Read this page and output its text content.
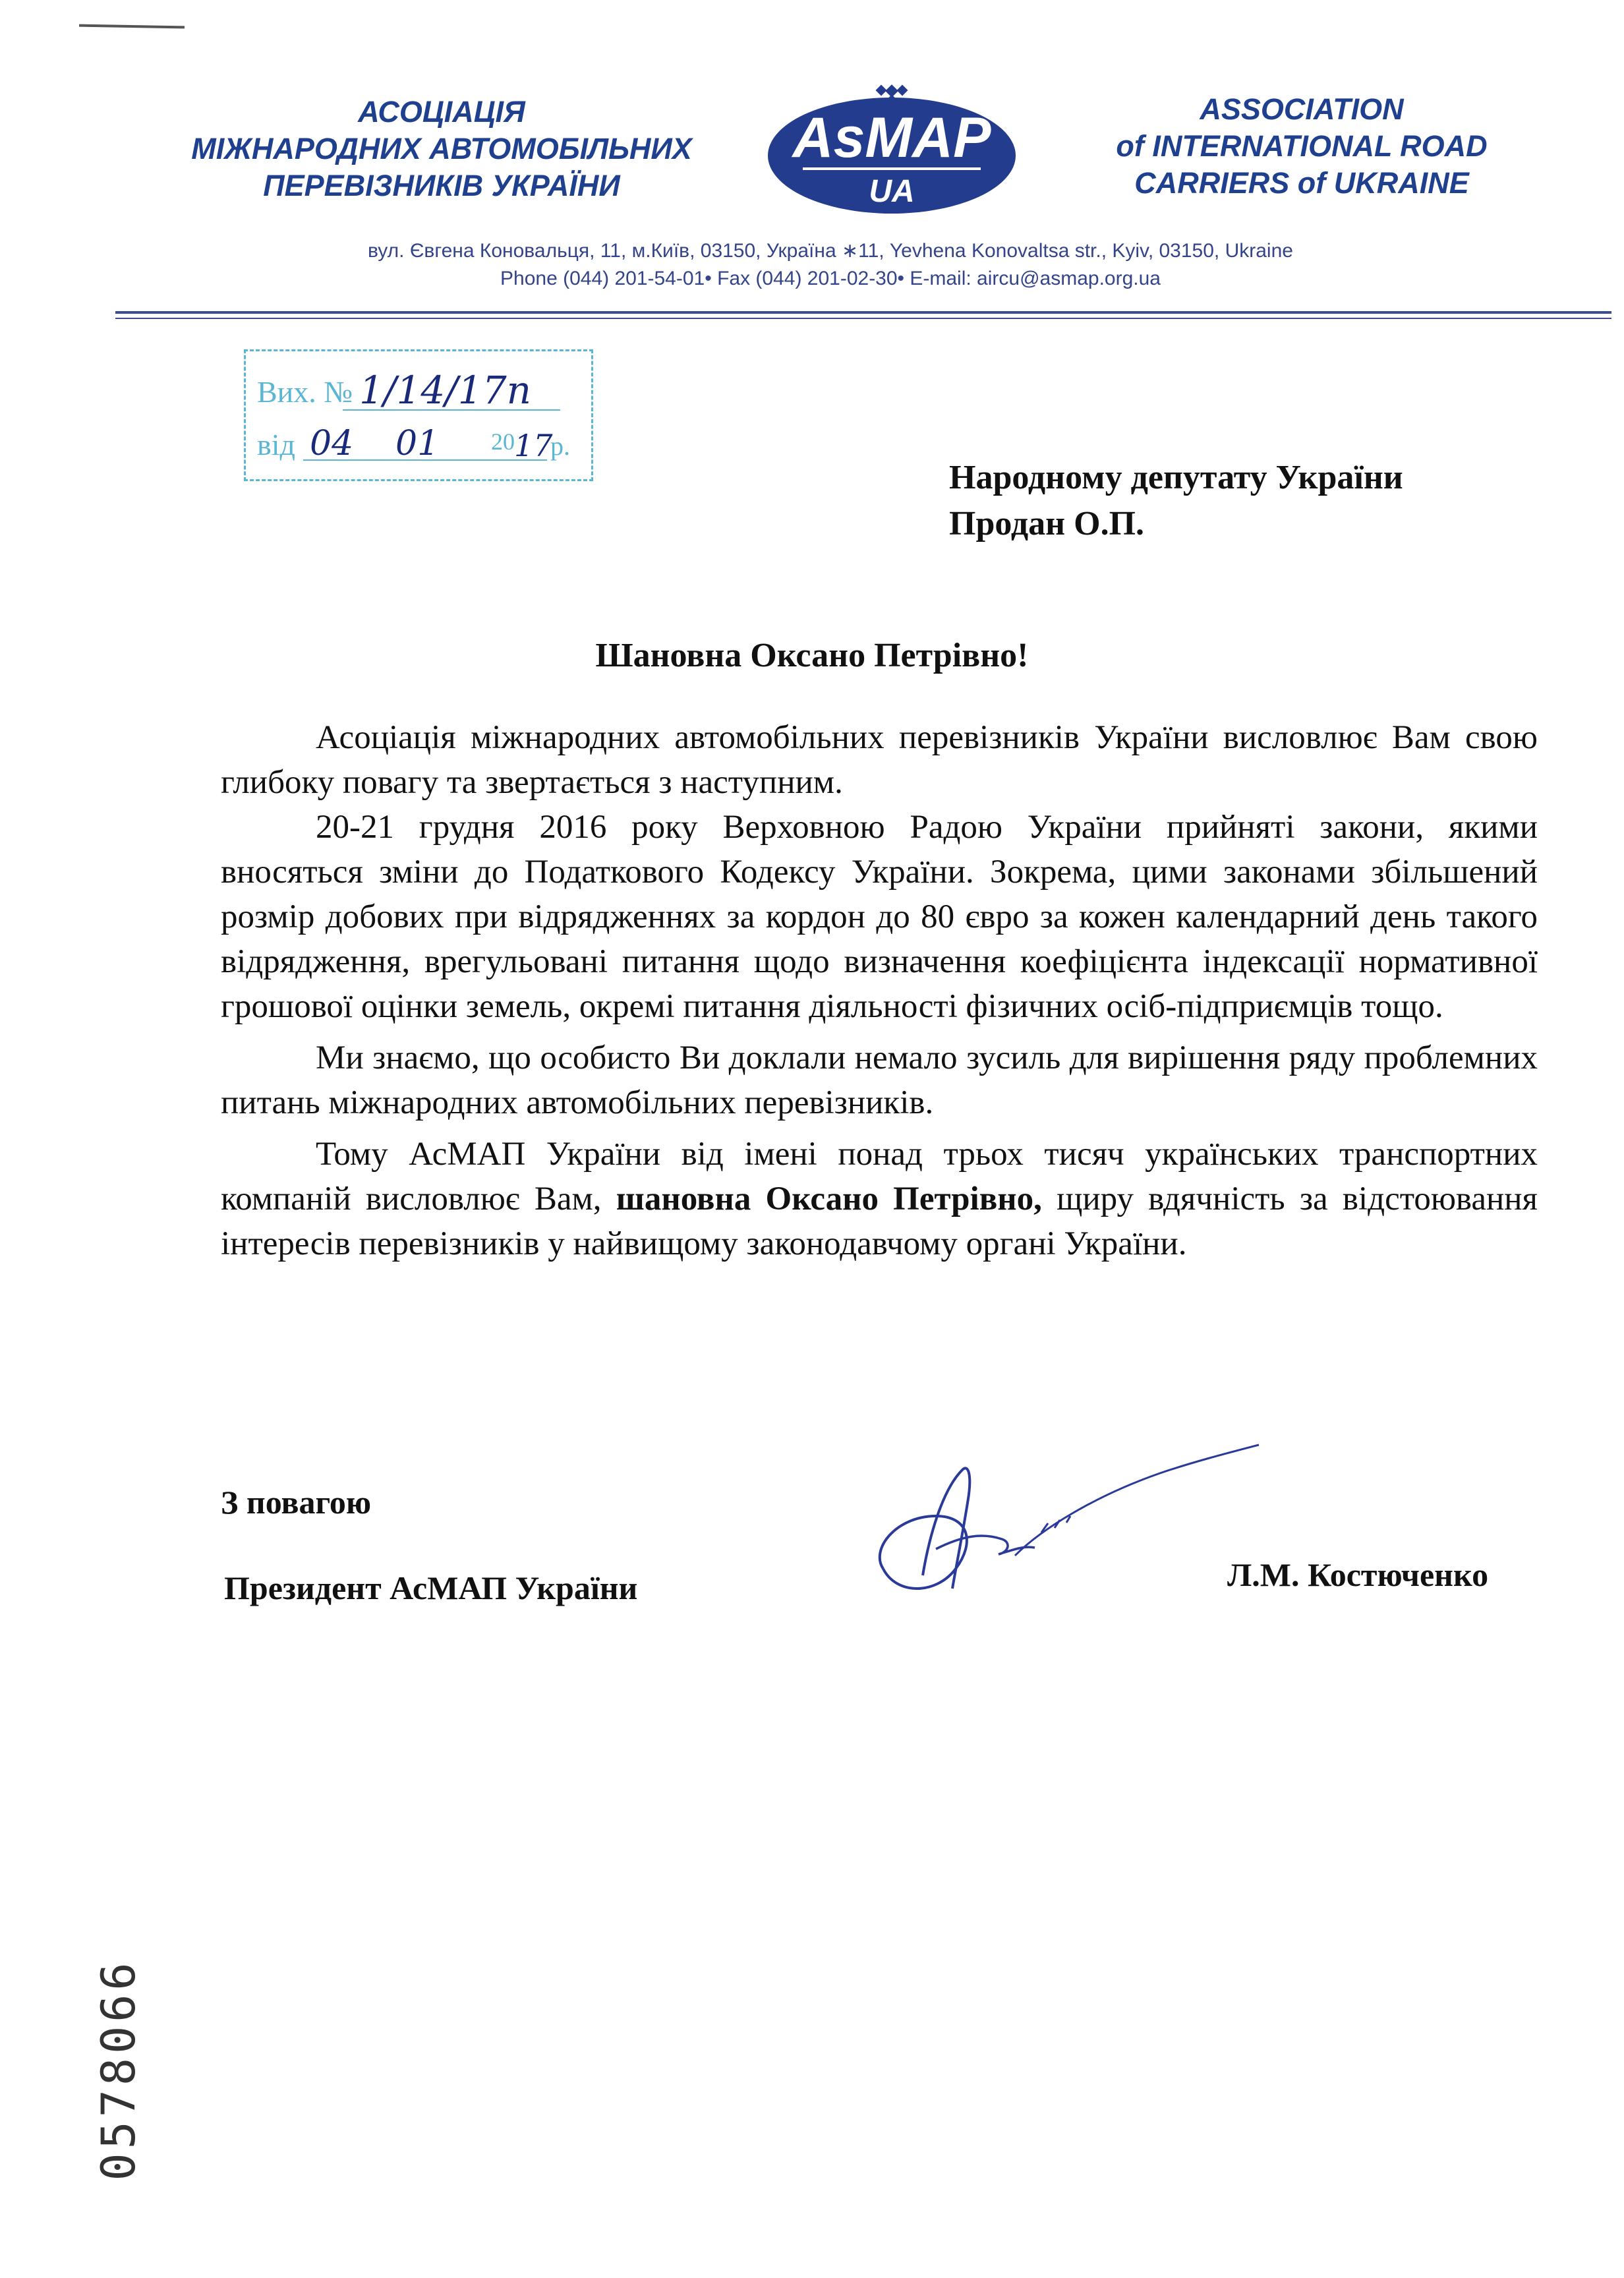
АСОЦІАЦІЯ
МІЖНАРОДНИХ АВТОМОБІЛЬНИХ
ПЕРЕВІЗНИКІВ УКРАЇНИ
AsMAP
UA
ASSOCIATION
of INTERNATIONAL ROAD
CARRIERS of UKRAINE
вул. Євгена Коновальця, 11, м.Київ, 03150, Україна ∗11, Yevhena Konovaltsa str., Kyiv, 03150, Ukraine
Phone (044) 201-54-01• Fax (044) 201-02-30• E-mail: aircu@asmap.org.ua
Вих. № 1/14/17п
від 04 01 20 17
р.
Народному депутату України
Продан О.П.
Шановна Оксано Петрівно!

Асоціація міжнародних автомобільних перевізників України висловлює Вам свою глибоку повагу та звертається з наступним.

20-21 грудня 2016 року Верховною Радою України прийняті закони, якими вносяться зміни до Податкового Кодексу України. Зокрема, цими законами збільшений розмір добових при відрядженнях за кордон до 80 євро за кожен календарний день такого відрядження, врегульовані питання щодо визначення коефіцієнта індексації нормативної грошової оцінки земель, окремі питання діяльності фізичних осіб-підприємців тощо.

Ми знаємо, що особисто Ви доклали немало зусиль для вирішення ряду проблемних питань міжнародних автомобільних перевізників.

Тому АсМАП України від імені понад трьох тисяч українських транспортних компаній висловлює Вам, шановна Оксано Петрівно, щиру вдячність за відстоювання інтересів перевізників у найвищому законодавчому органі України.

З повагою
Президент АсМАП України	Л.М. Костюченко
0578066
